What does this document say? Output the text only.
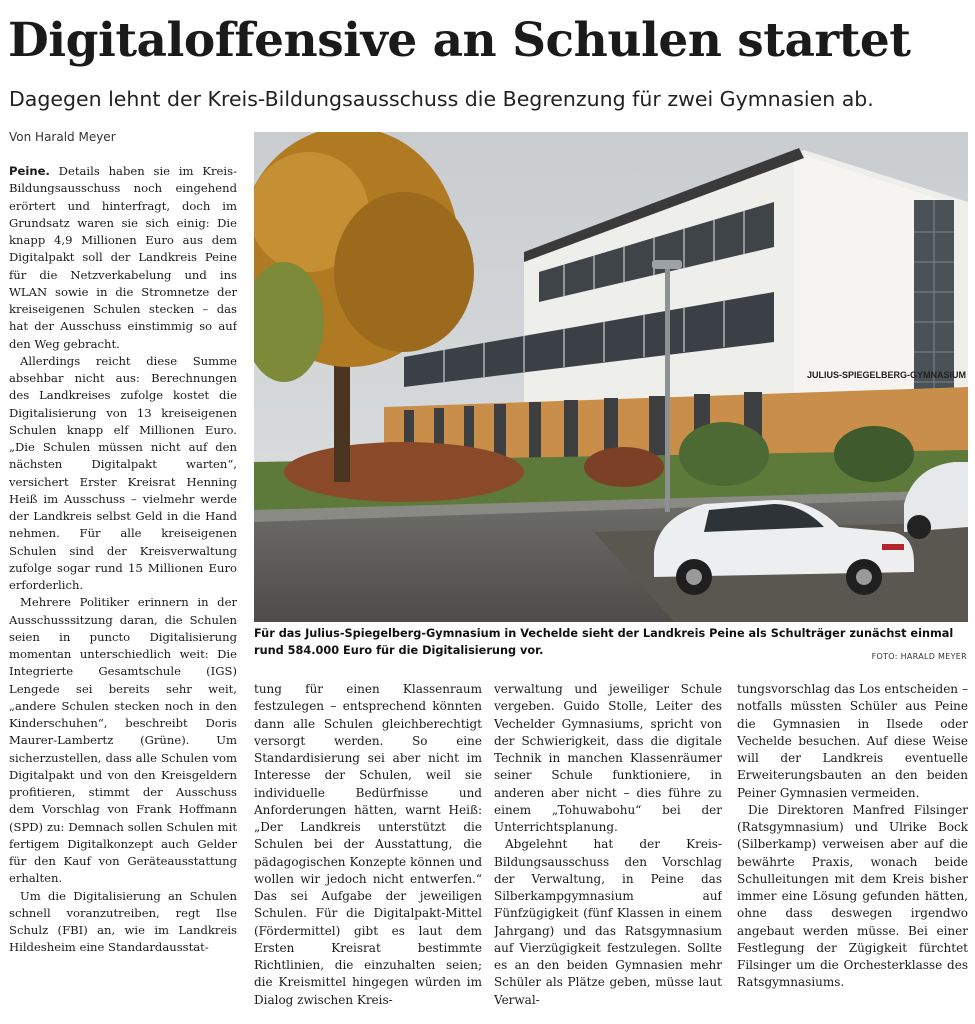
Digitaloffensive an Schulen startet
Dagegen lehnt der Kreis-Bildungsausschuss die Begrenzung für zwei Gymnasien ab.
Von Harald Meyer

Peine. Details haben sie im Kreis-Bildungsausschuss noch eingehend erörtert und hinterfragt, doch im Grundsatz waren sie sich einig: Die knapp 4,9 Millionen Euro aus dem Digitalpakt soll der Landkreis Peine für die Netzverkabelung und ins WLAN sowie in die Stromnetze der kreiseigenen Schulen stecken – das hat der Ausschuss einstimmig so auf den Weg gebracht.

Allerdings reicht diese Summe absehbar nicht aus: Berechnungen des Landkreises zufolge kostet die Digitalisierung von 13 kreiseigenen Schulen knapp elf Millionen Euro. „Die Schulen müssen nicht auf den nächsten Digitalpakt warten“, versichert Erster Kreisrat Henning Heiß im Ausschuss – vielmehr werde der Landkreis selbst Geld in die Hand nehmen. Für alle kreiseigenen Schulen sind der Kreisverwaltung zufolge sogar rund 15 Millionen Euro erforderlich.

Mehrere Politiker erinnern in der Ausschusssitzung daran, die Schulen seien in puncto Digitalisierung momentan unterschiedlich weit: Die Integrierte Gesamtschule (IGS) Lengede sei bereits sehr weit, „andere Schulen stecken noch in den Kinderschuhen“, beschreibt Doris Maurer-Lambertz (Grüne). Um sicherzustellen, dass alle Schulen vom Digitalpakt und von den Kreisgeldern profitieren, stimmt der Ausschuss dem Vorschlag von Frank Hoffmann (SPD) zu: Demnach sollen Schulen mit fertigem Digitalkonzept auch Gelder für den Kauf von Geräteausstattung erhalten.

Um die Digitalisierung an Schulen schnell voranzutreiben, regt Ilse Schulz (FBI) an, wie im Landkreis Hildesheim eine Standardausstat-

JULIUS-SPIEGELBERG-GYMNASIUM
Für das Julius-Spiegelberg-Gymnasium in Vechelde sieht der Landkreis Peine als Schulträger zunächst einmal rund 584.000 Euro für die Digitalisierung vor.	FOTO: HARALD MEYER

tung für einen Klassenraum festzulegen – entsprechend könnten dann alle Schulen gleichberechtigt versorgt werden. So eine Standardisierung sei aber nicht im Interesse der Schulen, weil sie individuelle Bedürfnisse und Anforderungen hätten, warnt Heiß: „Der Landkreis unterstützt die Schulen bei der Ausstattung, die pädagogischen Konzepte können und wollen wir jedoch nicht entwerfen.“ Das sei Aufgabe der jeweiligen Schulen. Für die Digitalpakt-Mittel (Fördermittel) gibt es laut dem Ersten Kreisrat bestimmte Richtlinien, die einzuhalten seien; die Kreismittel hingegen würden im Dialog zwischen Kreis-

verwaltung und jeweiliger Schule vergeben. Guido Stolle, Leiter des Vechelder Gymnasiums, spricht von der Schwierigkeit, dass die digitale Technik in manchen Klassenräumer seiner Schule funktioniere, in anderen aber nicht – dies führe zu einem „Tohuwabohu“ bei der Unterrichtsplanung.

Abgelehnt hat der Kreis-Bildungsausschuss den Vorschlag der Verwaltung, in Peine das Silberkampgymnasium auf Fünfzügigkeit (fünf Klassen in einem Jahrgang) und das Ratsgymnasium auf Vierzügigkeit festzulegen. Sollte es an den beiden Gymnasien mehr Schüler als Plätze geben, müsse laut Verwal-

tungsvorschlag das Los entscheiden – notfalls müssten Schüler aus Peine die Gymnasien in Ilsede oder Vechelde besuchen. Auf diese Weise will der Landkreis eventuelle Erweiterungsbauten an den beiden Peiner Gymnasien vermeiden.

Die Direktoren Manfred Filsinger (Ratsgymnasium) und Ulrike Bock (Silberkamp) verweisen aber auf die bewährte Praxis, wonach beide Schulleitungen mit dem Kreis bisher immer eine Lösung gefunden hätten, ohne dass deswegen irgendwo angebaut werden müsse. Bei einer Festlegung der Zügigkeit fürchtet Filsinger um die Orchesterklasse des Ratsgymnasiums.
